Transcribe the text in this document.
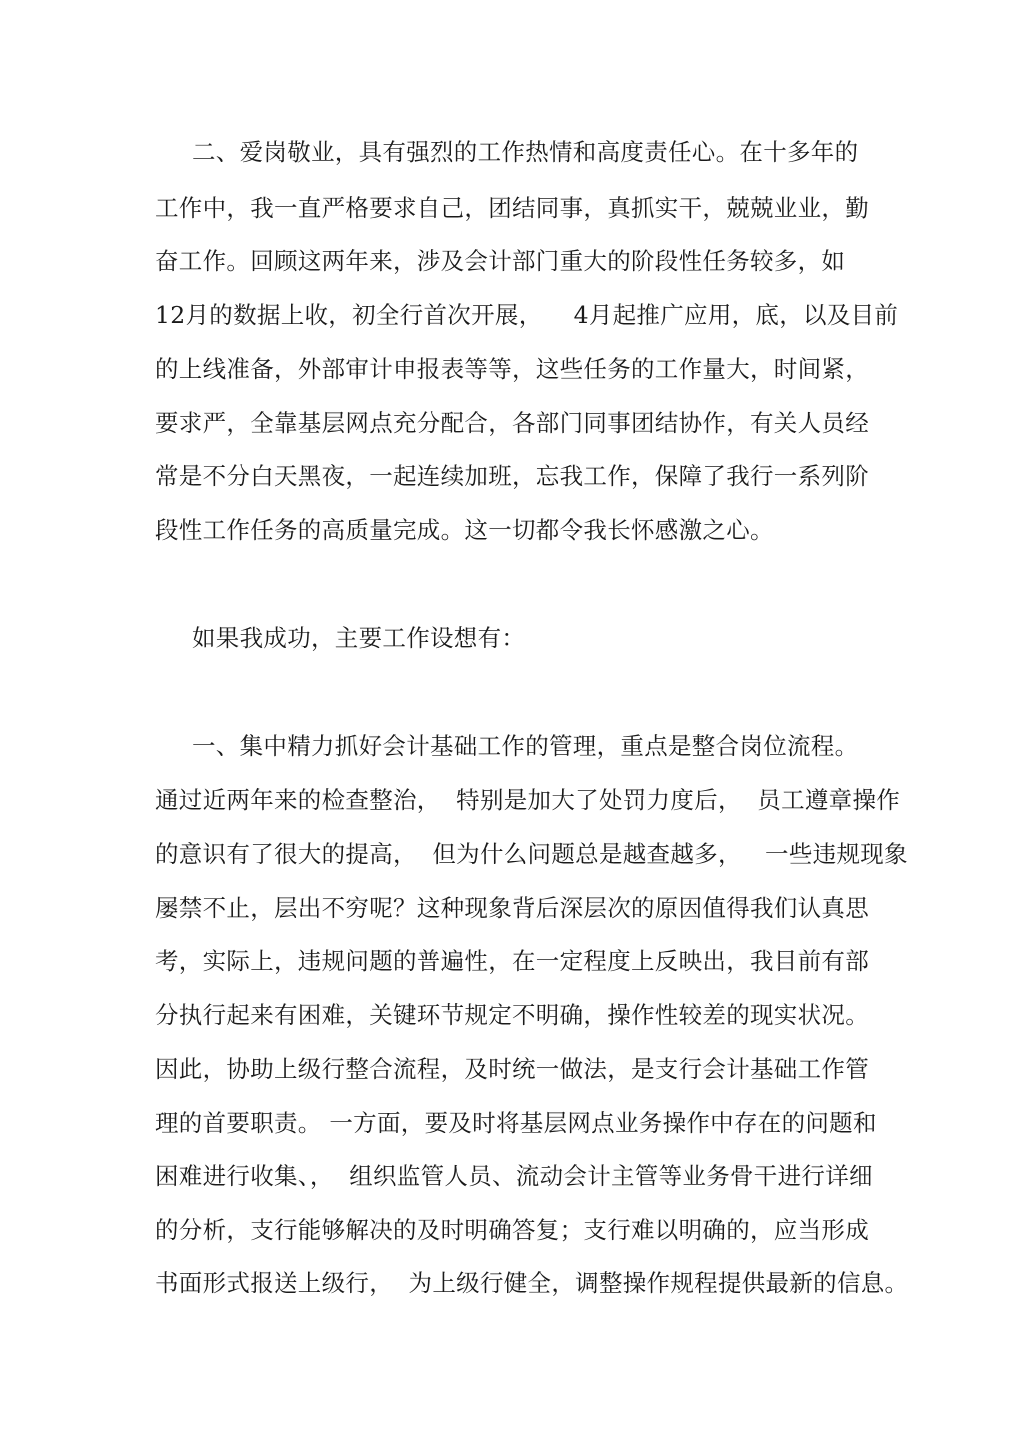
二、爱岗敬业，具有强烈的工作热情和高度责任心。在十多年的
工作中，我一直严格要求自己，团结同事，真抓实干，兢兢业业，勤
奋工作。回顾这两年来，涉及会计部门重大的阶段性任务较多，如
12月的数据上收，初全行首次开展，    4月起推广应用，底，以及目前
的上线准备，外部审计申报表等等，这些任务的工作量大，时间紧，
要求严，全靠基层网点充分配合，各部门同事团结协作，有关人员经
常是不分白天黑夜，一起连续加班，忘我工作，保障了我行一系列阶
段性工作任务的高质量完成。这一切都令我长怀感激之心。
如果我成功，主要工作设想有：
一、集中精力抓好会计基础工作的管理，重点是整合岗位流程。
通过近两年来的检查整治，  特别是加大了处罚力度后，  员工遵章操作
的意识有了很大的提高，  但为什么问题总是越查越多，   一些违规现象
屡禁不止，层出不穷呢？这种现象背后深层次的原因值得我们认真思
考，实际上，违规问题的普遍性，在一定程度上反映出，我目前有部
分执行起来有困难，关键环节规定不明确，操作性较差的现实状况。
因此，协助上级行整合流程，及时统一做法，是支行会计基础工作管
理的首要职责。 一方面，要及时将基层网点业务操作中存在的问题和
困难进行收集、，  组织监管人员、流动会计主管等业务骨干进行详细
的分析，支行能够解决的及时明确答复；支行难以明确的，应当形成
书面形式报送上级行，  为上级行健全，调整操作规程提供最新的信息。
